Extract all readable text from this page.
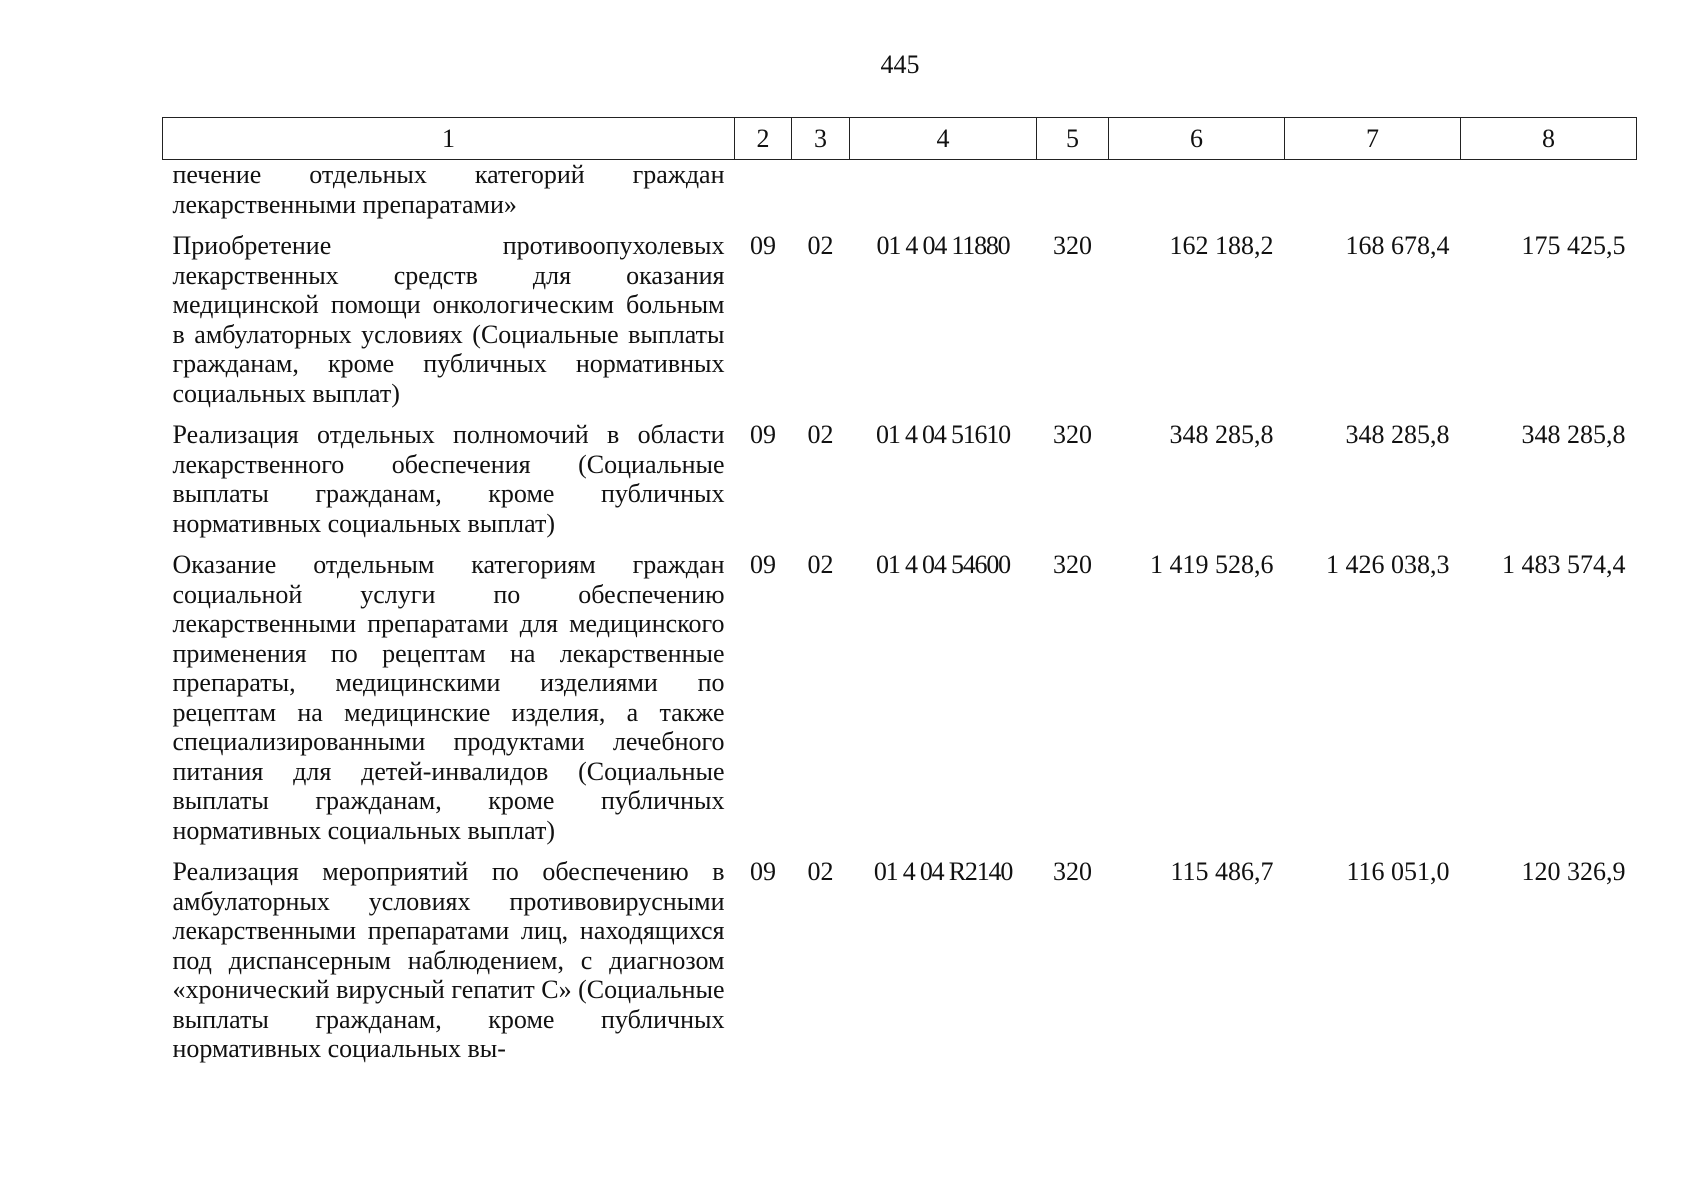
445
1	2	3	4	5	6	7	8
печение отдельных категорий граждан лекарственными препаратами»							
Приобретение противоопухолевых лекарственных средств для оказания медицинской помощи онкологическим больным в амбулаторных условиях (Социальные выплаты гражданам, кроме публичных нормативных социальных выплат)	09	02	01 4 04 11880	320	162 188,2	168 678,4	175 425,5
Реализация отдельных полномочий в области лекарственного обеспечения (Социальные выплаты гражданам, кроме публичных нормативных социальных выплат)	09	02	01 4 04 51610	320	348 285,8	348 285,8	348 285,8
Оказание отдельным категориям граждан социальной услуги по обеспечению лекарственными препаратами для медицинского применения по рецептам на лекарственные препараты, медицинскими изделиями по рецептам на медицинские изделия, а также специализированными продуктами лечебного питания для детей-инвалидов (Социальные выплаты гражданам, кроме публичных нормативных социальных выплат)	09	02	01 4 04 54600	320	1 419 528,6	1 426 038,3	1 483 574,4
Реализация мероприятий по обеспечению в амбулаторных условиях противовирусными лекарственными препаратами лиц, находящихся под диспансерным наблюдением, с диагнозом «хронический вирусный гепатит С» (Социальные выплаты гражданам, кроме публичных нормативных социальных вы-	09	02	01 4 04 R2140	320	115 486,7	116 051,0	120 326,9
